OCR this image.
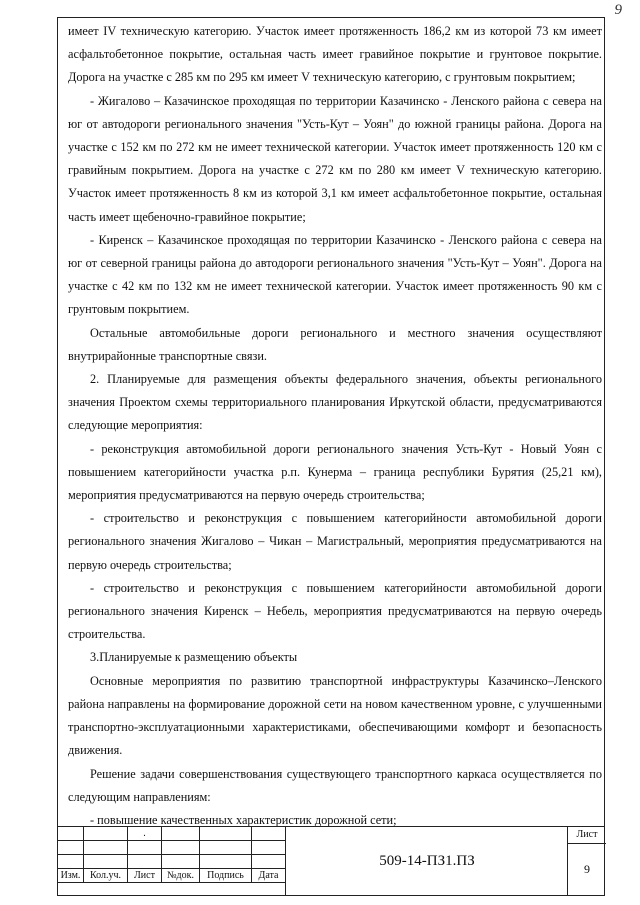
9

имеет IV техническую категорию. Участок имеет протяженность 186,2 км из которой 73 км имеет асфальтобетонное покрытие, остальная часть имеет гравийное покрытие и грунтовое покрытие. Дорога на участке с 285 км по 295 км имеет V техническую категорию, с грунтовым покрытием;

- Жигалово – Казачинское проходящая по территории Казачинско - Ленского района с севера на юг от автодороги регионального значения "Усть-Кут – Уоян" до южной границы района. Дорога на участке с 152 км по 272 км не имеет технической категории. Участок имеет протяженность 120 км с гравийным покрытием. Дорога на участке с 272 км по 280 км имеет V техническую категорию. Участок имеет протяженность 8 км из которой 3,1 км имеет асфальтобетонное покрытие, остальная часть имеет щебеночно-гравийное покрытие;

- Киренск – Казачинское проходящая по территории Казачинско - Ленского района с севера на юг от северной границы района до автодороги регионального значения "Усть-Кут – Уоян". Дорога на участке с 42 км по 132 км не имеет технической категории. Участок имеет протяженность 90 км с грунтовым покрытием.

Остальные автомобильные дороги регионального и местного значения осуществляют внутрирайонные транспортные связи.

2. Планируемые для размещения объекты федерального значения, объекты регионального значения Проектом схемы территориального планирования Иркутской области, предусматриваются следующие мероприятия:

- реконструкция автомобильной дороги регионального значения Усть-Кут - Новый Уоян с повышением категорийности участка р.п. Кунерма – граница республики Бурятия (25,21 км), мероприятия предусматриваются на первую очередь строительства;

- строительство и реконструкция с повышением категорийности автомобильной дороги регионального значения Жигалово – Чикан – Магистральный, мероприятия предусматриваются на первую очередь строительства;

- строительство и реконструкция с повышением категорийности автомобильной дороги регионального значения Киренск – Небель, мероприятия предусматриваются на первую очередь строительства.

3.Планируемые к размещению объекты

Основные мероприятия по развитию транспортной инфраструктуры Казачинско–Ленского района направлены на формирование дорожной сети на новом качественном уровне, с улучшенными транспортно-эксплуатационными характеристиками, обеспечивающими комфорт и безопасность движения.

Решение задачи совершенствования существующего транспортного каркаса осуществляется по следующим направлениям:

- повышение качественных характеристик дорожной сети;

		.			

Изм.	Кол.уч.	Лист	№док.	Подпись	Дата
509-14-ПЗ1.ПЗ
Лист
9
